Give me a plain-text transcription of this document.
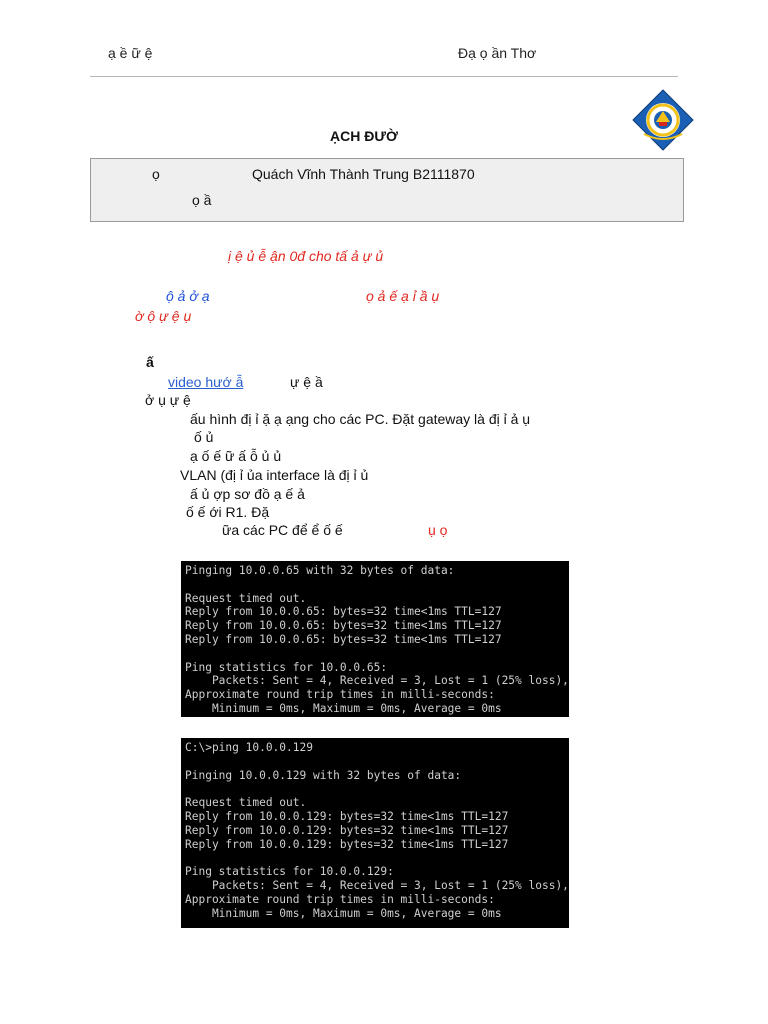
ạ ề ữ ệ	Đạ ọ ần Thơ
ẠCH ĐƯỜ
ọ	Quách Vĩnh Thành Trung B2111870
ọ ầ
ị ệ ủ ễ ận 0đ cho tấ ả ự ủ
ộ ả ở ạ	ọ ả ế ạ ỉ ầ ụ
ờ ộ ự ệ ụ
ấ
video hướ ẫ	ự ệ ầ
ở ụ ự ệ
ấu hình đị ỉ ặ ạ ạng cho các PC. Đặt gateway là đị ỉ ả ụ
ố ủ
ạ ố ế ữ ấ ỗ ủ ủ
VLAN (đị ỉ ủa interface là đị ỉ ủ
ấ ủ ợp sơ đồ ạ ế ả
ố ế ới R1. Đặ
ữa các PC để ể ố ế	ụ ọ
Pinging 10.0.0.65 with 32 bytes of data:
Request timed out.
Reply from 10.0.0.65: bytes=32 time<1ms TTL=127
Reply from 10.0.0.65: bytes=32 time<1ms TTL=127
Reply from 10.0.0.65: bytes=32 time<1ms TTL=127
Ping statistics for 10.0.0.65:
Packets: Sent = 4, Received = 3, Lost = 1 (25% loss),
Approximate round trip times in milli-seconds:
Minimum = 0ms, Maximum = 0ms, Average = 0ms
C:\>ping 10.0.0.129
Pinging 10.0.0.129 with 32 bytes of data:
Request timed out.
Reply from 10.0.0.129: bytes=32 time<1ms TTL=127
Reply from 10.0.0.129: bytes=32 time<1ms TTL=127
Reply from 10.0.0.129: bytes=32 time<1ms TTL=127
Ping statistics for 10.0.0.129:
Packets: Sent = 4, Received = 3, Lost = 1 (25% loss),
Approximate round trip times in milli-seconds:
Minimum = 0ms, Maximum = 0ms, Average = 0ms
